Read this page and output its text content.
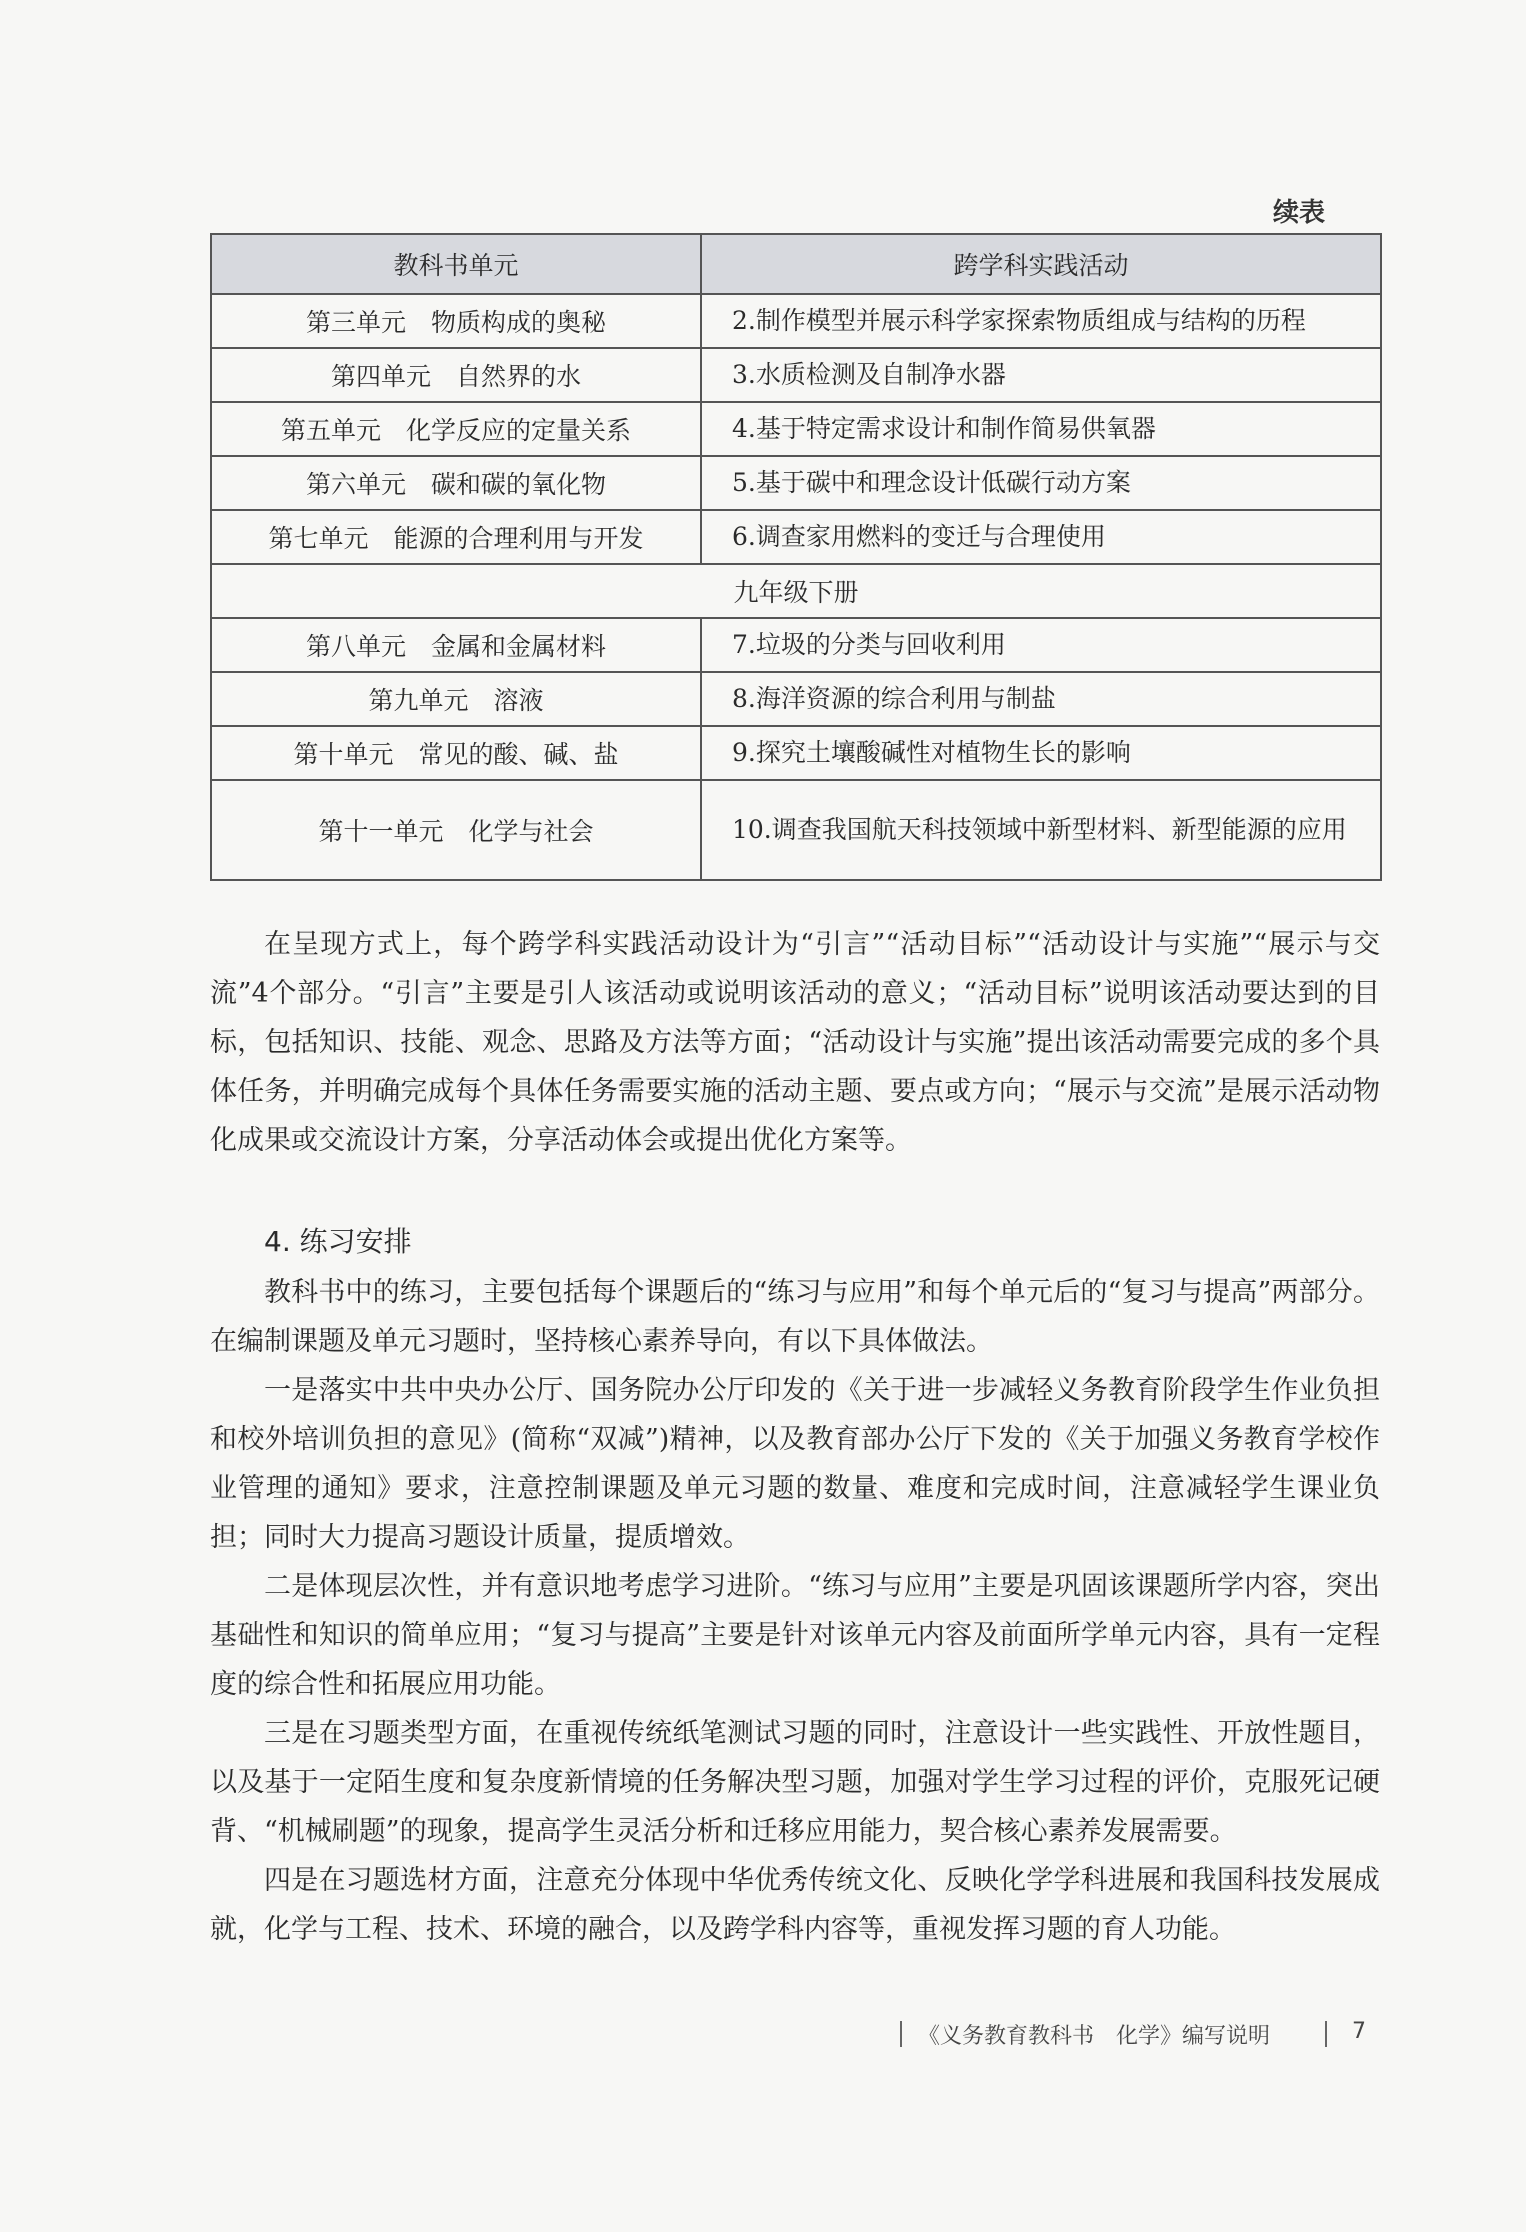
续表
教科书单元	跨学科实践活动
第三单元　物质构成的奥秘	2.制作模型并展示科学家探索物质组成与结构的历程
第四单元　自然界的水	3.水质检测及自制净水器
第五单元　化学反应的定量关系	4.基于特定需求设计和制作简易供氧器
第六单元　碳和碳的氧化物	5.基于碳中和理念设计低碳行动方案
第七单元　能源的合理利用与开发	6.调查家用燃料的变迁与合理使用
九年级下册	
第八单元　金属和金属材料	7.垃圾的分类与回收利用
第九单元　溶液	8.海洋资源的综合利用与制盐
第十单元　常见的酸、碱、盐	9.探究土壤酸碱性对植物生长的影响
第十一单元　化学与社会	10.调查我国航天科技领域中新型材料、新型能源的应用

在呈现方式上，每个跨学科实践活动设计为“引言”“活动目标”“活动设计与实施”“展示与交流”4个部分。“引言”主要是引人该活动或说明该活动的意义；“活动目标”说明该活动要达到的目标，包括知识、技能、观念、思路及方法等方面；“活动设计与实施”提出该活动需要完成的多个具体任务，并明确完成每个具体任务需要实施的活动主题、要点或方向；“展示与交流”是展示活动物化成果或交流设计方案，分享活动体会或提出优化方案等。

4. 练习安排

教科书中的练习，主要包括每个课题后的“练习与应用”和每个单元后的“复习与提高”两部分。在编制课题及单元习题时，坚持核心素养导向，有以下具体做法。

一是落实中共中央办公厅、国务院办公厅印发的《关于进一步减轻义务教育阶段学生作业负担和校外培训负担的意见》(简称“双减”)精神，以及教育部办公厅下发的《关于加强义务教育学校作业管理的通知》要求，注意控制课题及单元习题的数量、难度和完成时间，注意减轻学生课业负担；同时大力提高习题设计质量，提质增效。

二是体现层次性，并有意识地考虑学习进阶。“练习与应用”主要是巩固该课题所学内容，突出基础性和知识的简单应用；“复习与提高”主要是针对该单元内容及前面所学单元内容，具有一定程度的综合性和拓展应用功能。

三是在习题类型方面，在重视传统纸笔测试习题的同时，注意设计一些实践性、开放性题目，以及基于一定陌生度和复杂度新情境的任务解决型习题，加强对学生学习过程的评价，克服死记硬背、“机械刷题”的现象，提高学生灵活分析和迁移应用能力，契合核心素养发展需要。

四是在习题选材方面，注意充分体现中华优秀传统文化、反映化学学科进展和我国科技发展成就，化学与工程、技术、环境的融合，以及跨学科内容等，重视发挥习题的育人功能。

《义务教育教科书　化学》编写说明	7
